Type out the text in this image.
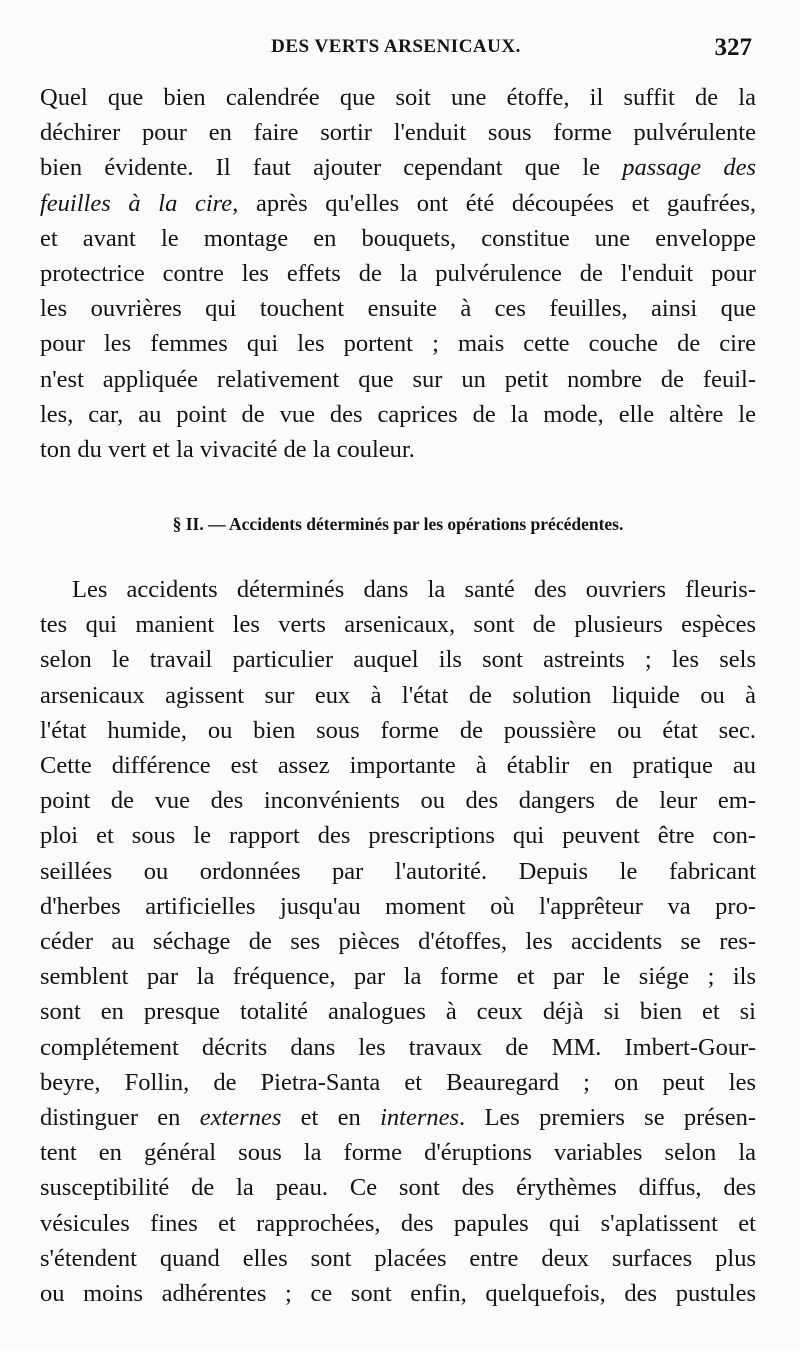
DES VERTS ARSENICAUX.	327
Quel que bien calendrée que soit une étoffe, il suffit de la
déchirer pour en faire sortir l'enduit sous forme pulvérulente
bien évidente. Il faut ajouter cependant que le passage des
feuilles à la cire, après qu'elles ont été découpées et gaufrées,
et avant le montage en bouquets, constitue une enveloppe
protectrice contre les effets de la pulvérulence de l'enduit pour
les ouvrières qui touchent ensuite à ces feuilles, ainsi que
pour les femmes qui les portent ; mais cette couche de cire
n'est appliquée relativement que sur un petit nombre de feuil-
les, car, au point de vue des caprices de la mode, elle altère le
ton du vert et la vivacité de la couleur.
§ II. — Accidents déterminés par les opérations précédentes.
Les accidents déterminés dans la santé des ouvriers fleuris-
tes qui manient les verts arsenicaux, sont de plusieurs espèces
selon le travail particulier auquel ils sont astreints ; les sels
arsenicaux agissent sur eux à l'état de solution liquide ou à
l'état humide, ou bien sous forme de poussière ou état sec.
Cette différence est assez importante à établir en pratique au
point de vue des inconvénients ou des dangers de leur em-
ploi et sous le rapport des prescriptions qui peuvent être con-
seillées ou ordonnées par l'autorité. Depuis le fabricant
d'herbes artificielles jusqu'au moment où l'apprêteur va pro-
céder au séchage de ses pièces d'étoffes, les accidents se res-
semblent par la fréquence, par la forme et par le siége ; ils
sont en presque totalité analogues à ceux déjà si bien et si
complétement décrits dans les travaux de MM. Imbert-Gour-
beyre, Follin, de Pietra-Santa et Beauregard ; on peut les
distinguer en externes et en internes. Les premiers se présen-
tent en général sous la forme d'éruptions variables selon la
susceptibilité de la peau. Ce sont des érythèmes diffus, des
vésicules fines et rapprochées, des papules qui s'aplatissent et
s'étendent quand elles sont placées entre deux surfaces plus
ou moins adhérentes ; ce sont enfin, quelquefois, des pustules
